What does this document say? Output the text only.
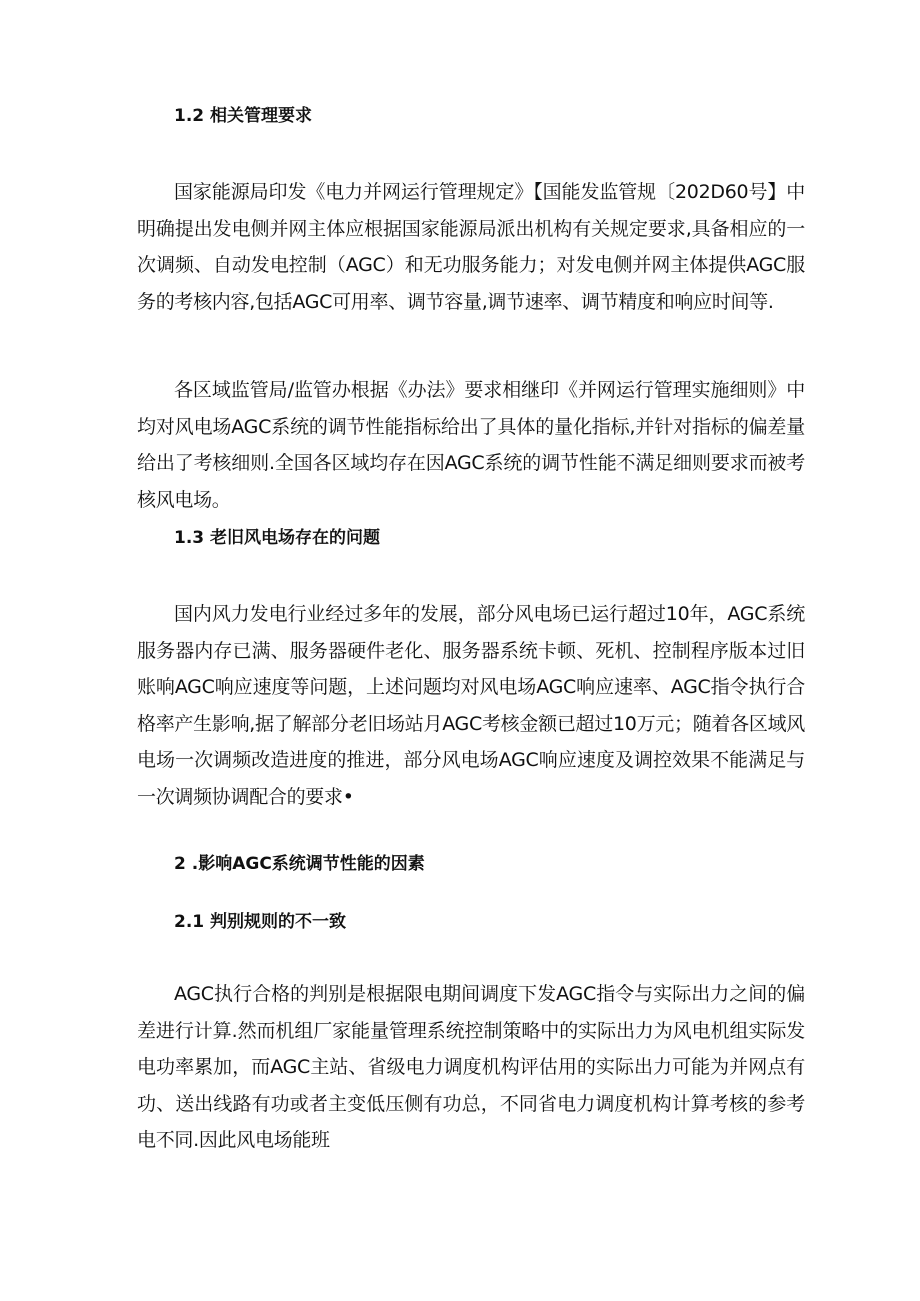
1.2 相关管理要求

国家能源局印发《电力并网运行管理规定》【国能发监管规〔202D60号】中明确提出发电侧并网主体应根据国家能源局派出机构有关规定要求,具备相应的一次调频、自动发电控制（AGC）和无功服务能力；对发电侧并网主体提供AGC服务的考核内容,包括AGC可用率、调节容量,调节速率、调节精度和响应时间等.

各区域监管局/监管办根据《办法》要求相继印《并网运行管理实施细则》中均对风电场AGC系统的调节性能指标给出了具体的量化指标,并针对指标的偏差量给出了考核细则.全国各区域均存在因AGC系统的调节性能不满足细则要求而被考核风电场。

1.3 老旧风电场存在的问题

国内风力发电行业经过多年的发展，部分风电场已运行超过10年，AGC系统服务器内存已满、服务器硬件老化、服务器系统卡顿、死机、控制程序版本过旧账响AGC响应速度等问题，上述问题均对风电场AGC响应速率、AGC指令执行合格率产生影响,据了解部分老旧场站月AGC考核金额已超过10万元；随着各区域风电场一次调频改造进度的推进，部分风电场AGC响应速度及调控效果不能满足与一次调频协调配合的要求•

2 .影响AGC系统调节性能的因素
2.1 判别规则的不一致

AGC执行合格的判别是根据限电期间调度下发AGC指令与实际出力之间的偏差进行计算.然而机组厂家能量管理系统控制策略中的实际出力为风电机组实际发电功率累加，而AGC主站、省级电力调度机构评估用的实际出力可能为并网点有功、送出线路有功或者主变低压侧有功总，不同省电力调度机构计算考核的参考电不同.因此风电场能班
